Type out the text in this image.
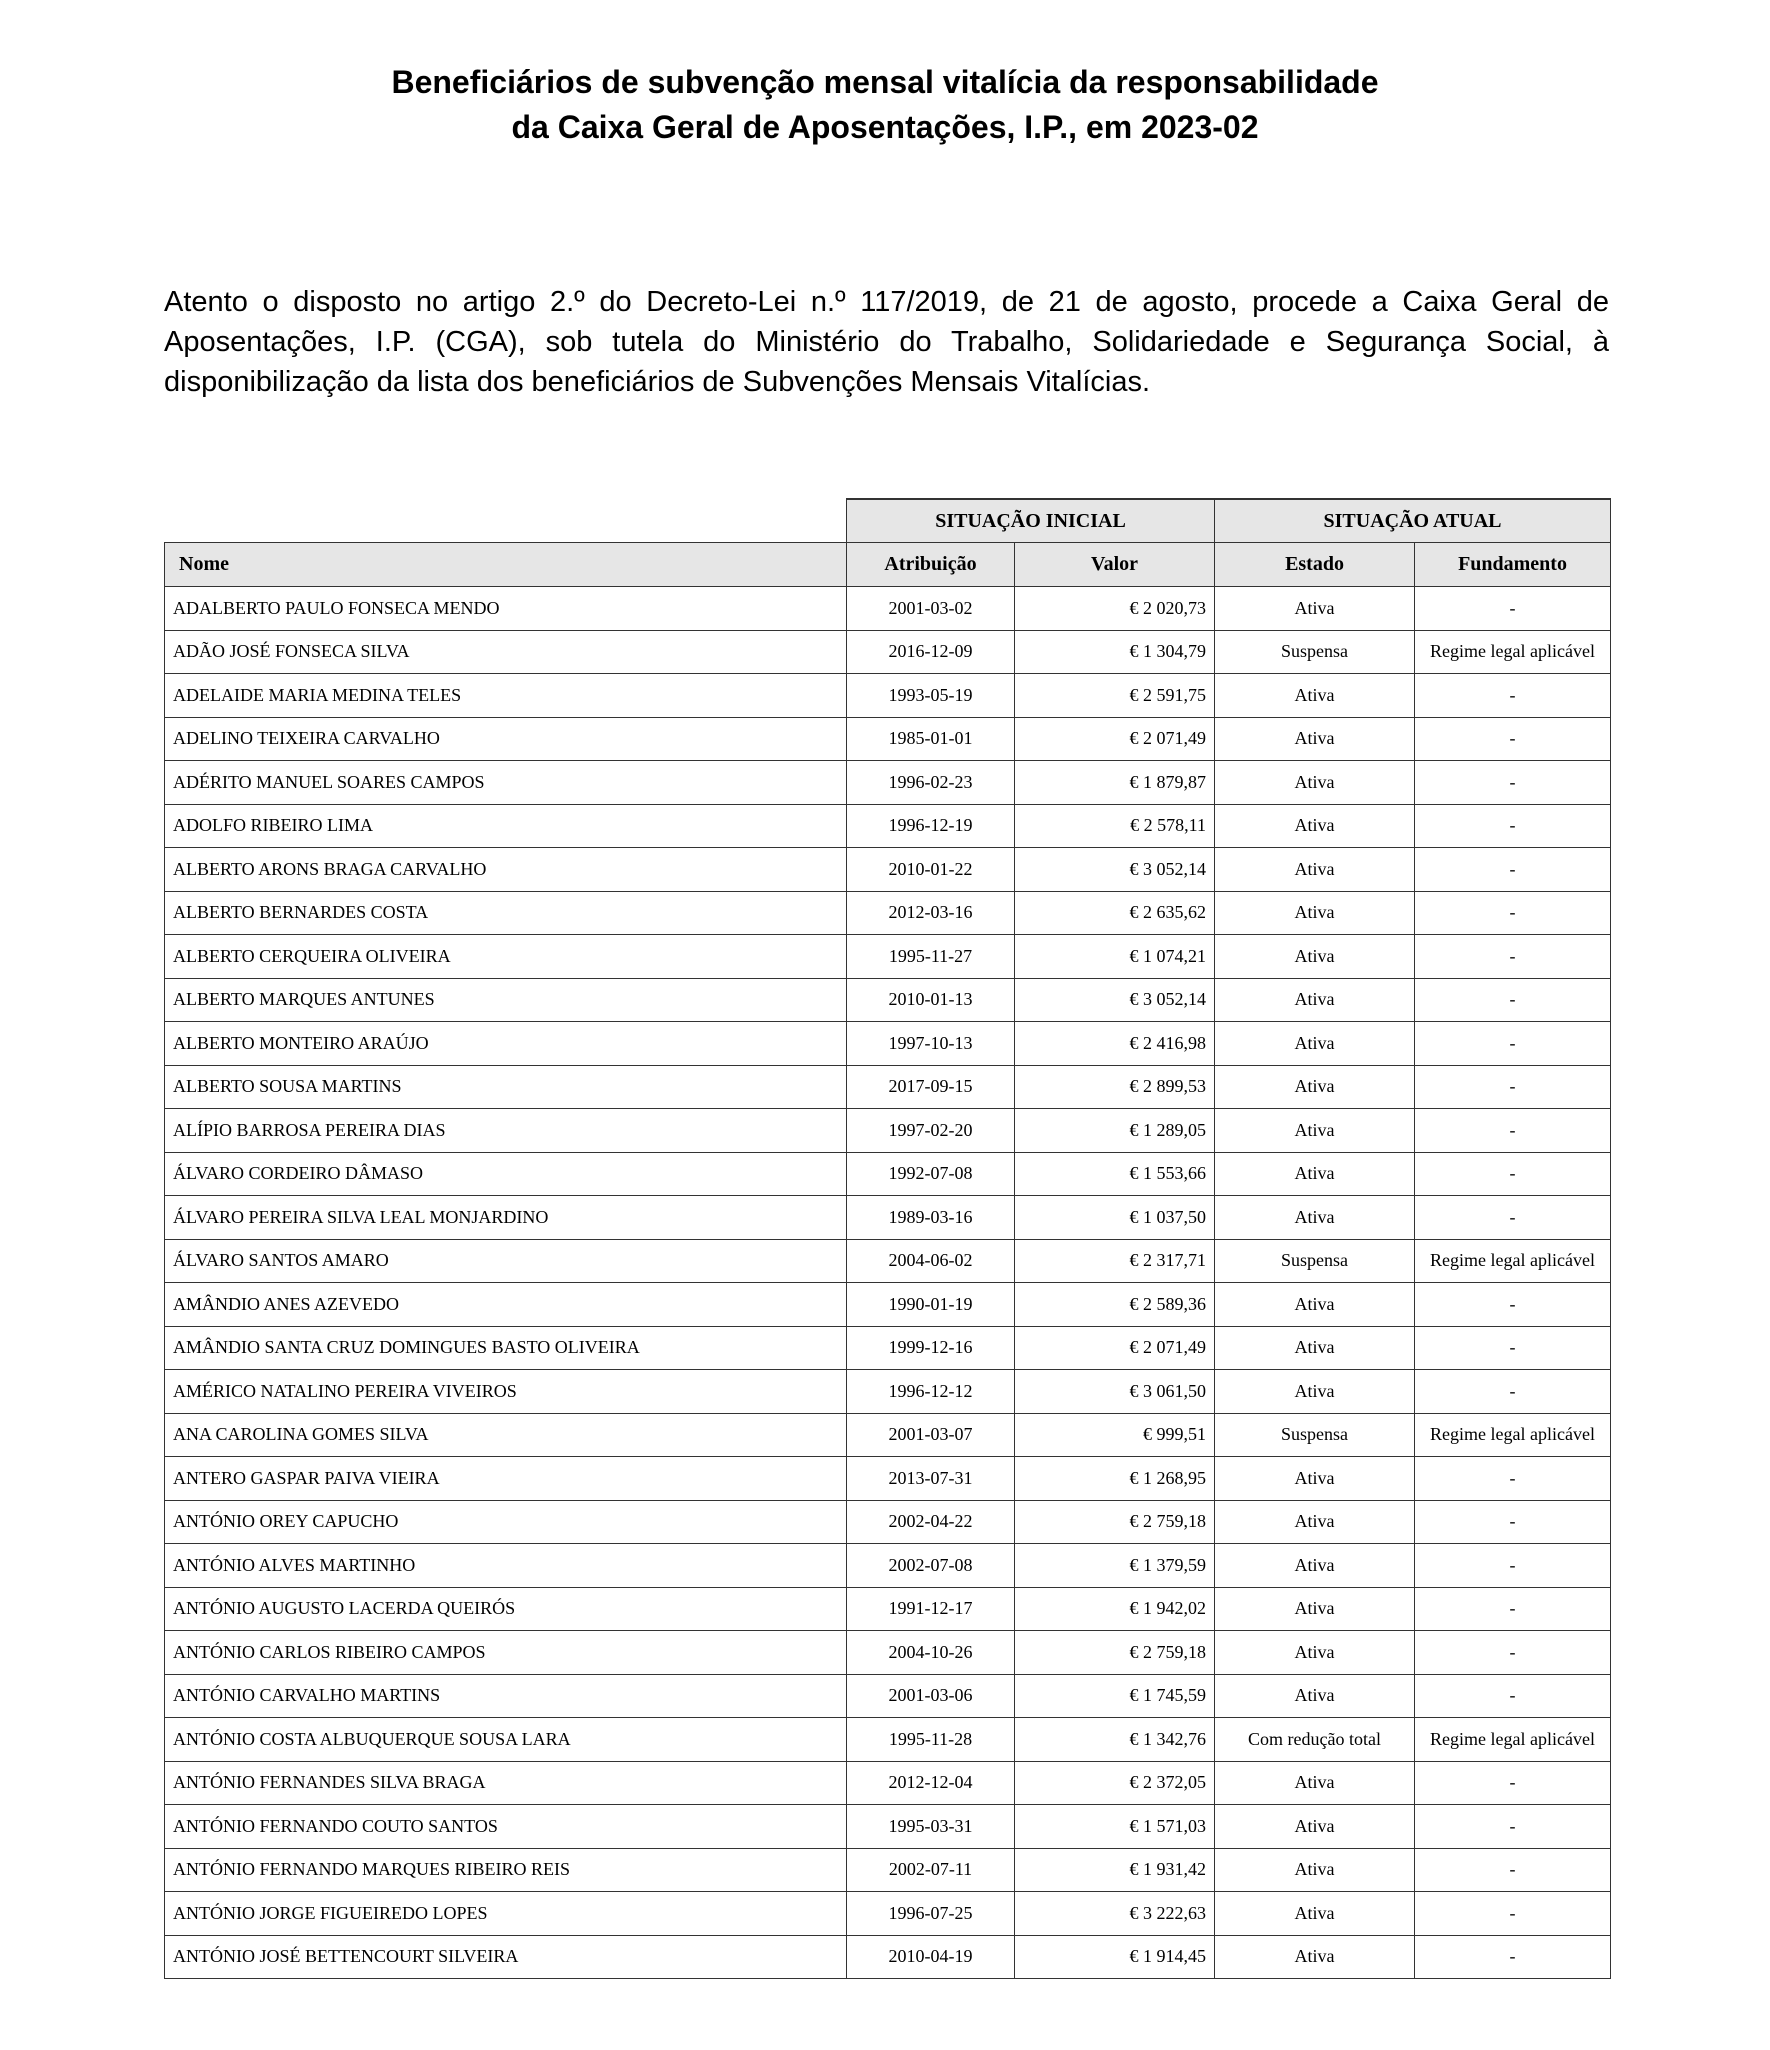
Beneficiários de subvenção mensal vitalícia da responsabilidade
da Caixa Geral de Aposentações, I.P., em 2023-02

Atento o disposto no artigo 2.º do Decreto-Lei n.º 117/2019, de 21 de agosto, procede a Caixa Geral de Aposentações, I.P. (CGA), sob tutela do Ministério do Trabalho, Solidariedade e Segurança Social, à disponibilização da lista dos beneficiários de Subvenções Mensais Vitalícias.

	SITUAÇÃO INICIAL		SITUAÇÃO ATUAL	
Nome	Atribuição	Valor	Estado	Fundamento
ADALBERTO PAULO FONSECA MENDO	2001-03-02	€ 2 020,73	Ativa	-
ADÃO JOSÉ FONSECA SILVA	2016-12-09	€ 1 304,79	Suspensa	Regime legal aplicável
ADELAIDE MARIA MEDINA TELES	1993-05-19	€ 2 591,75	Ativa	-
ADELINO TEIXEIRA CARVALHO	1985-01-01	€ 2 071,49	Ativa	-
ADÉRITO MANUEL SOARES CAMPOS	1996-02-23	€ 1 879,87	Ativa	-
ADOLFO RIBEIRO LIMA	1996-12-19	€ 2 578,11	Ativa	-
ALBERTO ARONS BRAGA CARVALHO	2010-01-22	€ 3 052,14	Ativa	-
ALBERTO BERNARDES COSTA	2012-03-16	€ 2 635,62	Ativa	-
ALBERTO CERQUEIRA OLIVEIRA	1995-11-27	€ 1 074,21	Ativa	-
ALBERTO MARQUES ANTUNES	2010-01-13	€ 3 052,14	Ativa	-
ALBERTO MONTEIRO ARAÚJO	1997-10-13	€ 2 416,98	Ativa	-
ALBERTO SOUSA MARTINS	2017-09-15	€ 2 899,53	Ativa	-
ALÍPIO BARROSA PEREIRA DIAS	1997-02-20	€ 1 289,05	Ativa	-
ÁLVARO CORDEIRO DÂMASO	1992-07-08	€ 1 553,66	Ativa	-
ÁLVARO PEREIRA SILVA LEAL MONJARDINO	1989-03-16	€ 1 037,50	Ativa	-
ÁLVARO SANTOS AMARO	2004-06-02	€ 2 317,71	Suspensa	Regime legal aplicável
AMÂNDIO ANES AZEVEDO	1990-01-19	€ 2 589,36	Ativa	-
AMÂNDIO SANTA CRUZ DOMINGUES BASTO OLIVEIRA	1999-12-16	€ 2 071,49	Ativa	-
AMÉRICO NATALINO PEREIRA VIVEIROS	1996-12-12	€ 3 061,50	Ativa	-
ANA CAROLINA GOMES SILVA	2001-03-07	€ 999,51	Suspensa	Regime legal aplicável
ANTERO GASPAR PAIVA VIEIRA	2013-07-31	€ 1 268,95	Ativa	-
ANTÓNIO OREY CAPUCHO	2002-04-22	€ 2 759,18	Ativa	-
ANTÓNIO ALVES MARTINHO	2002-07-08	€ 1 379,59	Ativa	-
ANTÓNIO AUGUSTO LACERDA QUEIRÓS	1991-12-17	€ 1 942,02	Ativa	-
ANTÓNIO CARLOS RIBEIRO CAMPOS	2004-10-26	€ 2 759,18	Ativa	-
ANTÓNIO CARVALHO MARTINS	2001-03-06	€ 1 745,59	Ativa	-
ANTÓNIO COSTA ALBUQUERQUE SOUSA LARA	1995-11-28	€ 1 342,76	Com redução total	Regime legal aplicável
ANTÓNIO FERNANDES SILVA BRAGA	2012-12-04	€ 2 372,05	Ativa	-
ANTÓNIO FERNANDO COUTO SANTOS	1995-03-31	€ 1 571,03	Ativa	-
ANTÓNIO FERNANDO MARQUES RIBEIRO REIS	2002-07-11	€ 1 931,42	Ativa	-
ANTÓNIO JORGE FIGUEIREDO LOPES	1996-07-25	€ 3 222,63	Ativa	-
ANTÓNIO JOSÉ BETTENCOURT SILVEIRA	2010-04-19	€ 1 914,45	Ativa	-
